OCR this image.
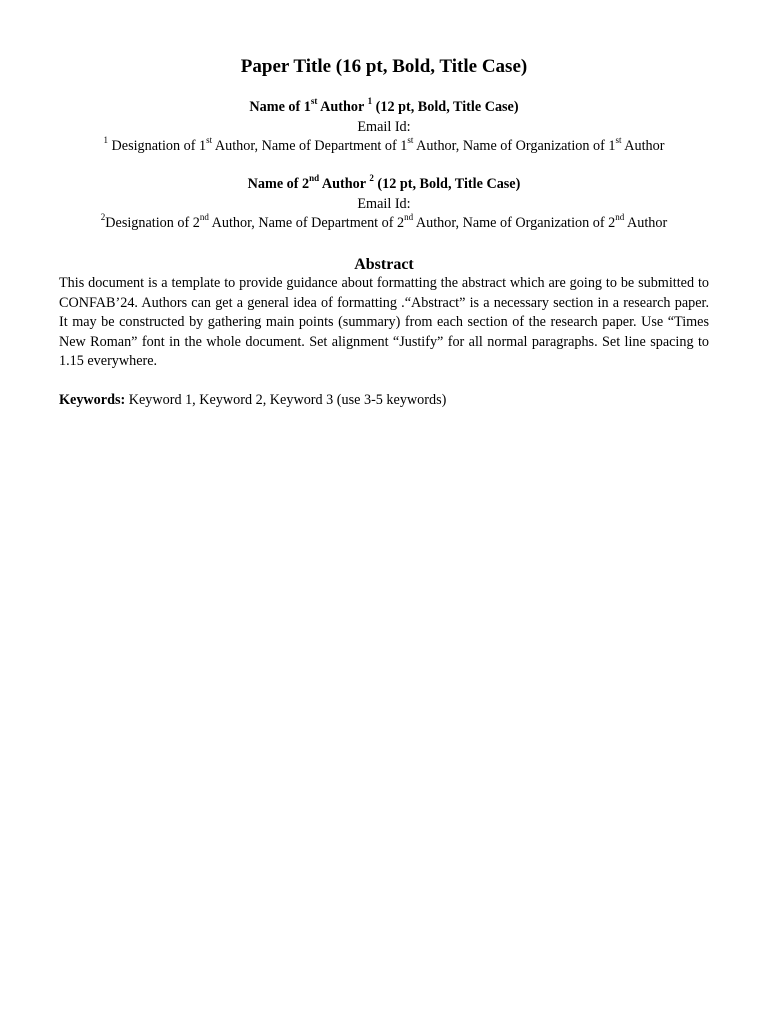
Paper Title (16 pt, Bold, Title Case)
Name of 1st Author $^1$ (12 pt, Bold, Title Case)
Email Id:
$^1$ Designation of 1st Author, Name of Department of 1st Author, Name of Organization of 1st Author
Name of 2nd Author $^2$ (12 pt, Bold, Title Case)
Email Id:
$^2$Designation of 2nd Author, Name of Department of 2nd Author, Name of Organization of 2nd Author
Abstract
This document is a template to provide guidance about formatting the abstract which are going to be submitted to CONFAB’24. Authors can get a general idea of formatting .“Abstract” is a necessary section in a research paper. It may be constructed by gathering main points (summary) from each section of the research paper. Use “Times New Roman” font in the whole document. Set alignment “Justify” for all normal paragraphs. Set line spacing to 1.15 everywhere.
Keywords: Keyword 1, Keyword 2, Keyword 3 (use 3-5 keywords)
